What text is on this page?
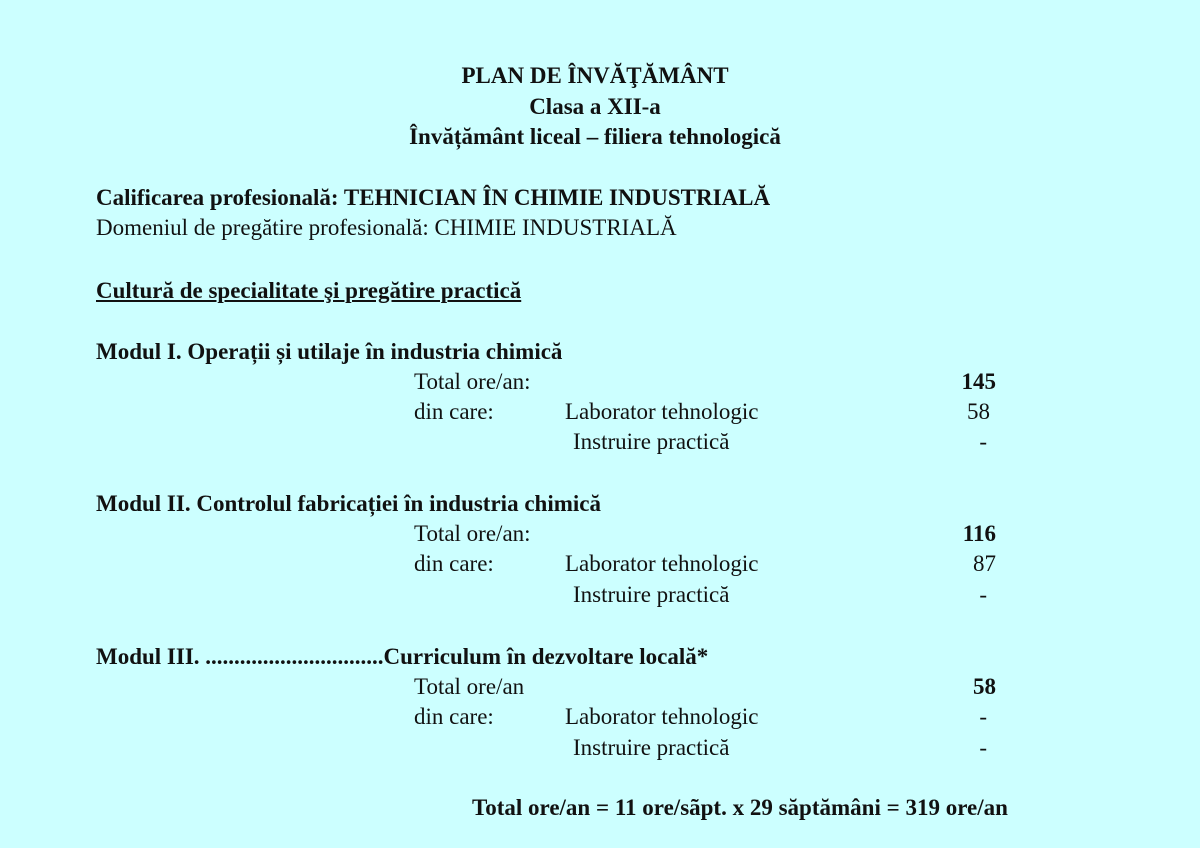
PLAN DE ÎNVĂŢĂMÂNT
Clasa a XII-a
Învățământ liceal – filiera tehnologică
Calificarea profesională: TEHNICIAN ÎN CHIMIE INDUSTRIALĂ
Domeniul de pregătire profesională: CHIMIE INDUSTRIALĂ
Cultură de specialitate şi pregătire practică
Modul I. Operații și utilaje în industria chimică
Total ore/an:	145
din care:	Laborator tehnologic	58
Instruire practică	-
Modul II. Controlul fabricației în industria chimică
Total ore/an:	116
din care:	Laborator tehnologic	87
Instruire practică	-
Modul III. ...............................Curriculum în dezvoltare locală*
Total ore/an	58
din care:	Laborator tehnologic	-
Instruire practică	-
Total ore/an = 11 ore/sãpt. x 29 săptămâni = 319 ore/an
